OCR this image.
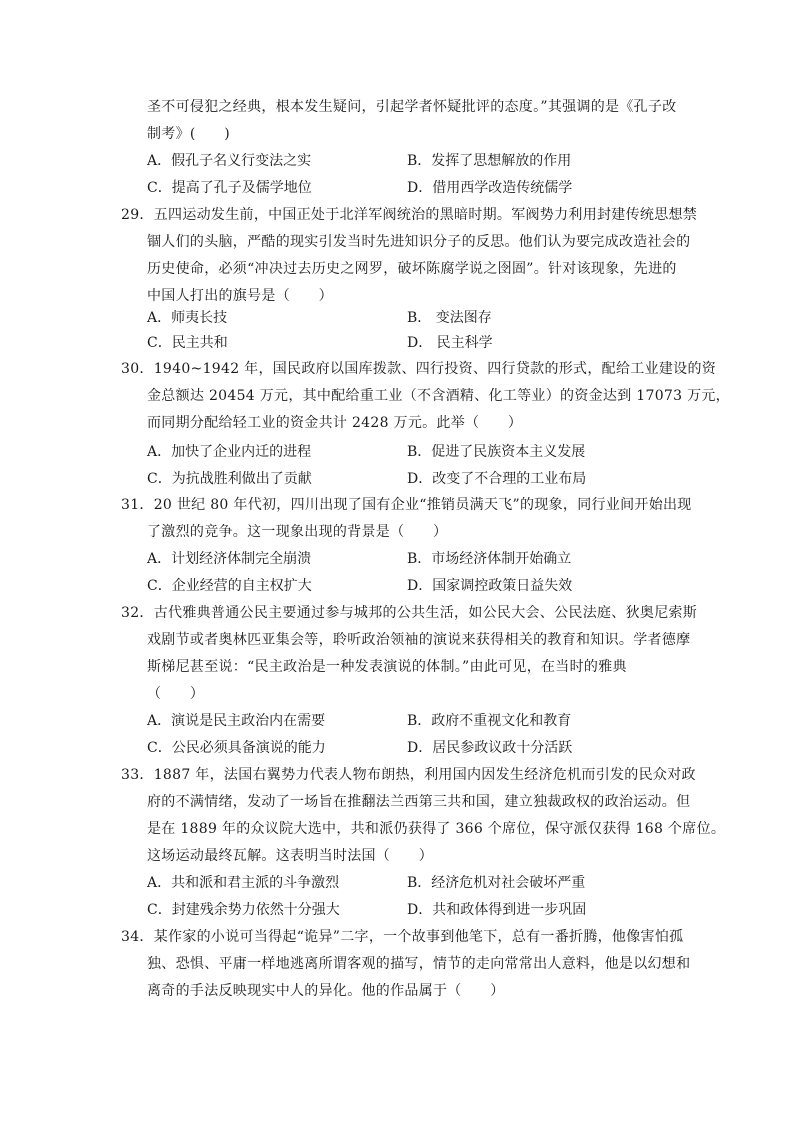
圣不可侵犯之经典，根本发生疑问，引起学者怀疑批评的态度。”其强调的是《孔子改
制考》(　　)
A．假孔子名义行变法之实	B．发挥了思想解放的作用
C．提高了孔子及儒学地位	D．借用西学改造传统儒学
29．五四运动发生前，中国正处于北洋军阀统治的黑暗时期。军阀势力利用封建传统思想禁
锢人们的头脑，严酷的现实引发当时先进知识分子的反思。他们认为要完成改造社会的
历史使命，必须“冲决过去历史之网罗，破坏陈腐学说之囹圄”。针对该现象，先进的
中国人打出的旗号是（　　）
A．师夷长技	B． 变法图存
C．民主共和	D． 民主科学
30．1940~1942 年，国民政府以国库拨款、四行投资、四行贷款的形式，配给工业建设的资
金总额达 20454 万元，其中配给重工业（不含酒精、化工等业）的资金达到 17073 万元，
而同期分配给轻工业的资金共计 2428 万元。此举（　　）
A．加快了企业内迁的进程	B．促进了民族资本主义发展
C．为抗战胜利做出了贡献	D．改变了不合理的工业布局
31．20 世纪 80 年代初，四川出现了国有企业“推销员满天飞”的现象，同行业间开始出现
了激烈的竞争。这一现象出现的背景是（　　）
A．计划经济体制完全崩溃	B．市场经济体制开始确立
C．企业经营的自主权扩大	D．国家调控政策日益失效
32．古代雅典普通公民主要通过参与城邦的公共生活，如公民大会、公民法庭、狄奥尼索斯
戏剧节或者奥林匹亚集会等，聆听政治领袖的演说来获得相关的教育和知识。学者德摩
斯梯尼甚至说：“民主政治是一种发表演说的体制。”由此可见，在当时的雅典
（　　）
A．演说是民主政治内在需要	B．政府不重视文化和教育
C．公民必须具备演说的能力	D．居民参政议政十分活跃
33．1887 年，法国右翼势力代表人物布朗热，利用国内因发生经济危机而引发的民众对政
府的不满情绪，发动了一场旨在推翻法兰西第三共和国，建立独裁政权的政治运动。但
是在 1889 年的众议院大选中，共和派仍获得了 366 个席位，保守派仅获得 168 个席位。
这场运动最终瓦解。这表明当时法国（　　）
A．共和派和君主派的斗争激烈	B．经济危机对社会破坏严重
C．封建残余势力依然十分强大	D．共和政体得到进一步巩固
34．某作家的小说可当得起“诡异”二字，一个故事到他笔下，总有一番折腾，他像害怕孤
独、恐惧、平庸一样地逃离所谓客观的描写，情节的走向常常出人意料，他是以幻想和
离奇的手法反映现实中人的异化。他的作品属于（　　）
